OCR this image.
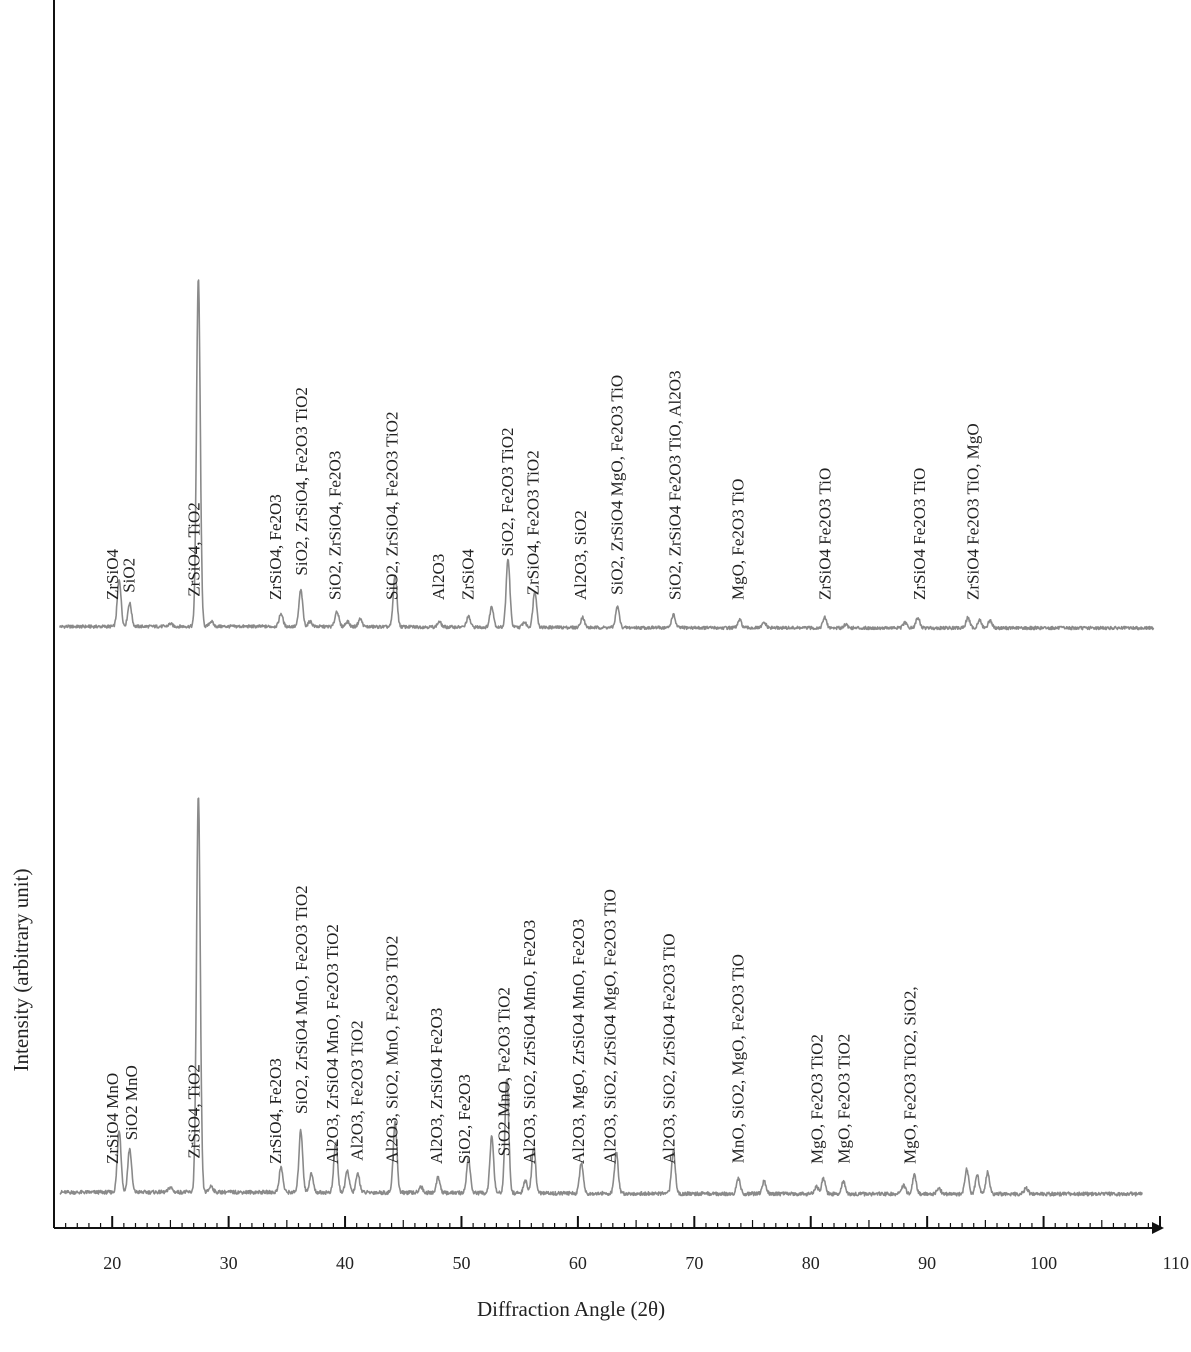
ZrSiO4
SiO2	ZrSiO4, TiO2	ZrSiO4, Fe2O3 SiO2, ZrSiO4, Fe2O3 TiO2 SiO2, ZrSiO4, Fe2O3 SiO2, ZrSiO4, Fe2O3 TiO2 Al2O3 ZrSiO4
SiO2, Fe2O3 TiO2 ZrSiO4, Fe2O3 TiO2 Al2O3, SiO2 SiO2, ZrSiO4 MgO, Fe2O3 TiO SiO2, ZrSiO4 Fe2O3 TiO, Al2O3	MgO, Fe2O3 TiO	ZrSiO4 Fe2O3 TiO	ZrSiO4 Fe2O3 TiO ZrSiO4 Fe2O3 TiO, MgO
ZrSiO4 MnO SiO2 MnO	ZrSiO4, TiO2	ZrSiO4, Fe2O3 SiO2, ZrSiO4 MnO, Fe2O3 TiO2 Al2O3, ZrSiO4 MnO, Fe2O3 TiO2 Al2O3, Fe2O3 TiO2 Al2O3, SiO2, MnO, Fe2O3 TiO2 Al2O3, ZrSiO4 Fe2O3 SiO2, Fe2O3 SiO2 MnO, Fe2O3 TiO2 Al2O3, SiO2, ZrSiO4 MnO, Fe2O3 Al2O3, MgO, ZrSiO4 MnO, Fe2O3 Al2O3, SiO2, ZrSiO4 MgO, Fe2O3 TiO Al2O3, SiO2, ZrSiO4 Fe2O3 TiO	MnO, SiO2, MgO, Fe2O3 TiO	MgO, Fe2O3 TiO2 MgO, Fe2O3 TiO2	MgO, Fe2O3 TiO2, SiO2,
20	30	40	50	60	70	80	90	100	110
Diffraction Angle (2θ)
Intensity (arbitrary unit)
